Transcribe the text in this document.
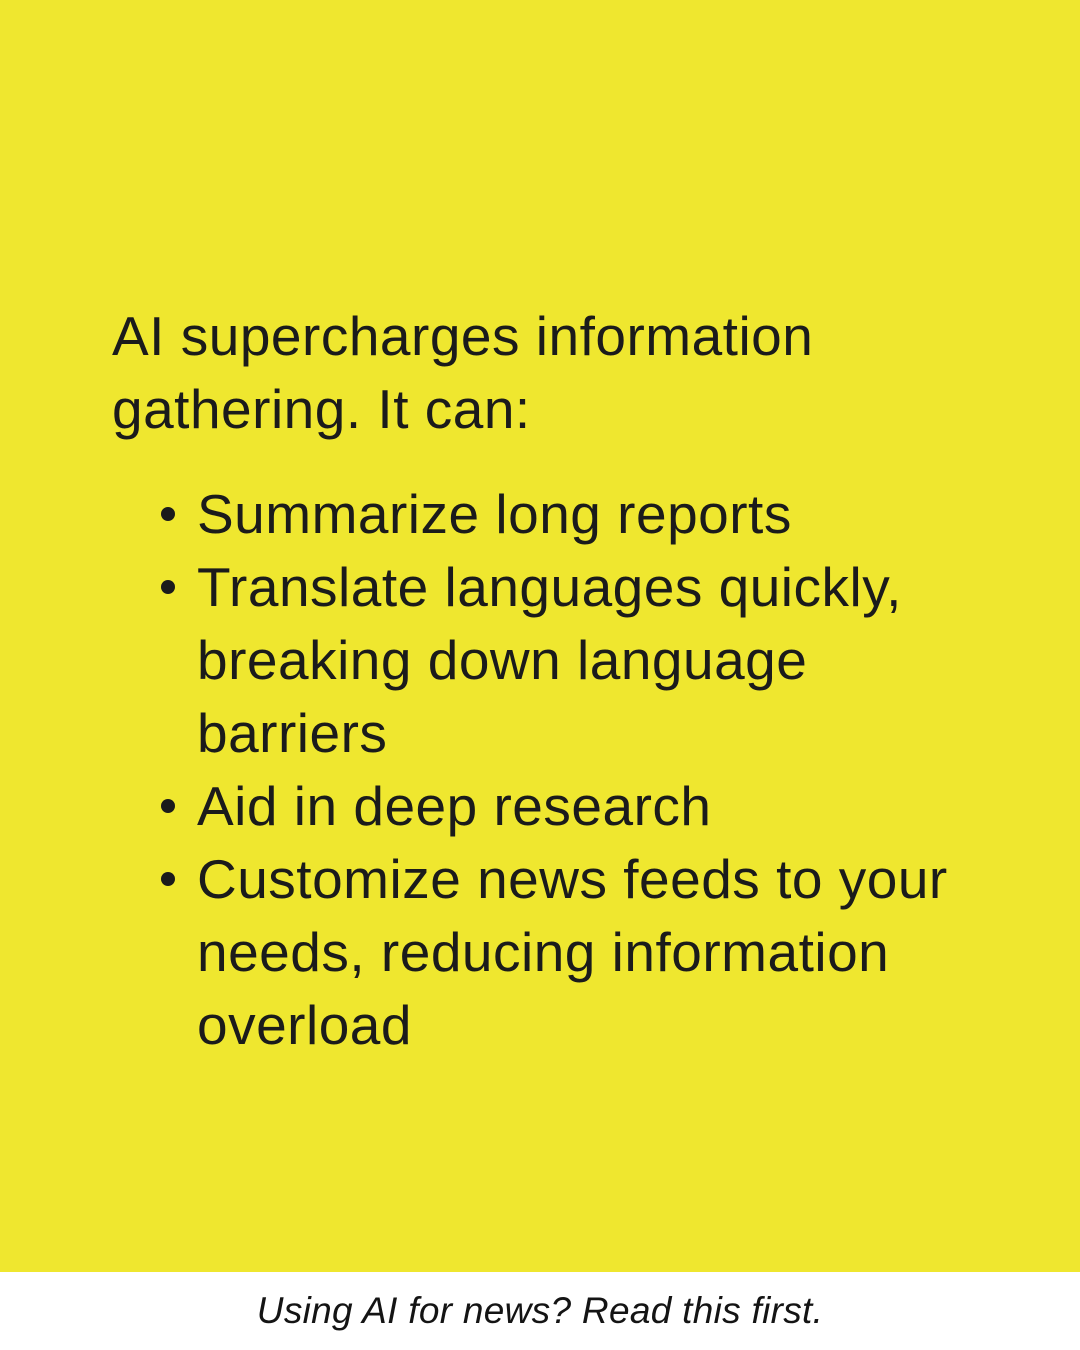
AI supercharges information gathering. It can:

Summarize long reports
Translate languages quickly, breaking down language barriers
Aid in deep research
Customize news feeds to your needs, reducing information overload

Using AI for news? Read this first.
